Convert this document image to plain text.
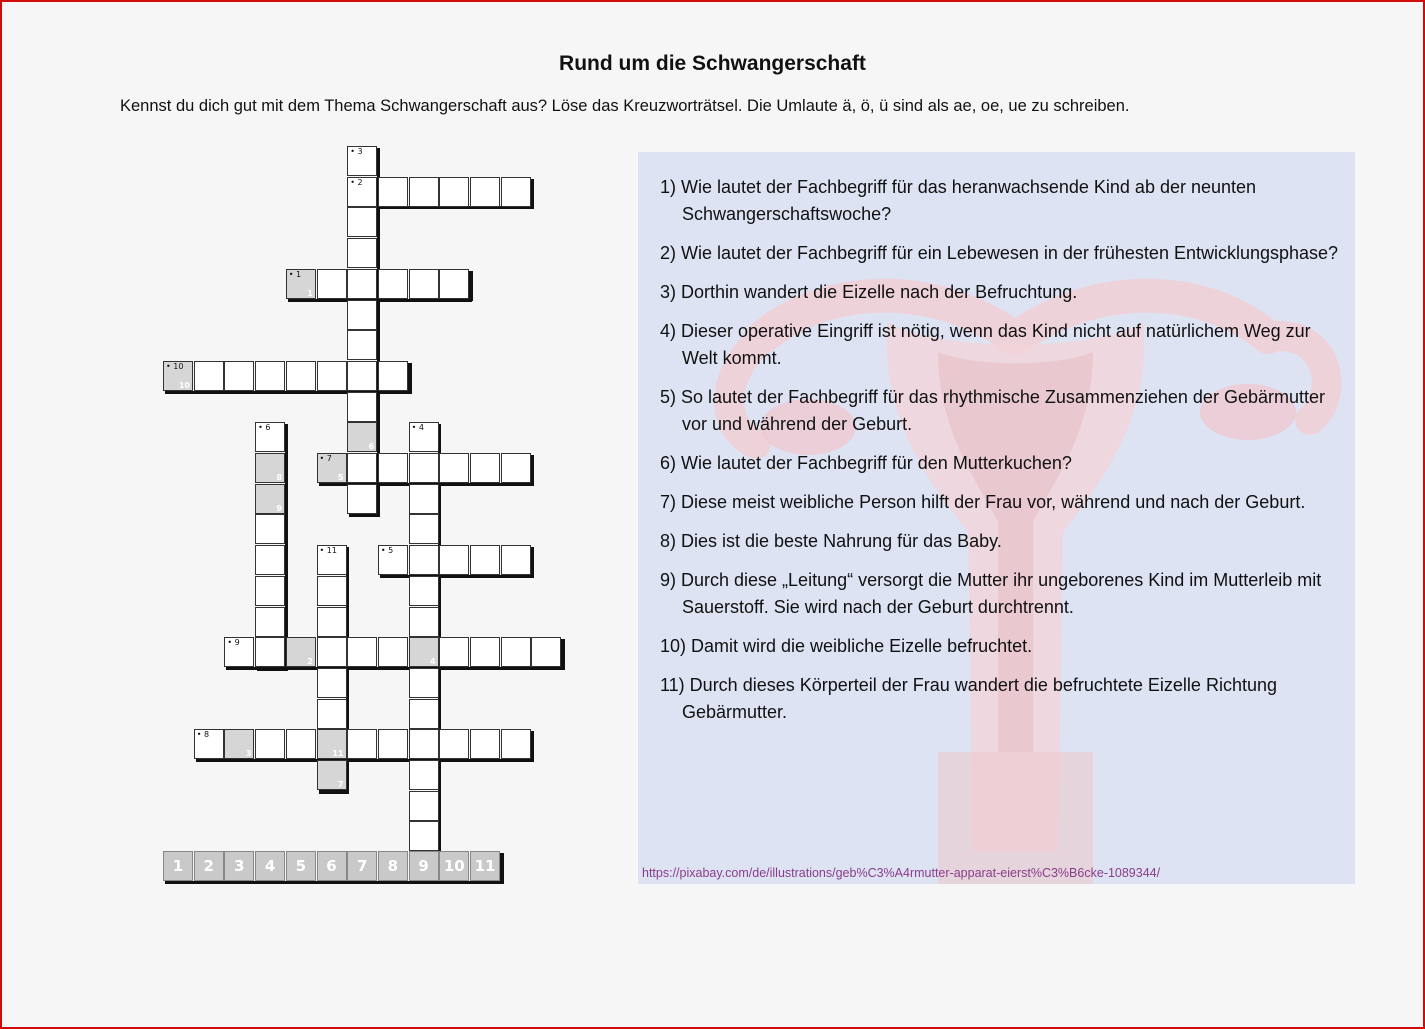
Rund um die Schwangerschaft
Kennst du dich gut mit dem Thema Schwangerschaft aus? Löse das Kreuzworträtsel. Die Umlaute ä, ö, ü sind als ae, oe, ue zu schreiben.
• 2
• 1
1
• 10
10
• 7
5
• 5
• 9
2	4
• 8
3	11
• 3
6
• 6
8
9
• 4
• 11
7
1	2	3	4	5	6	7	8	9	10 11
1) Wie lautet der Fachbegriff für das heranwachsende Kind ab der neunten Schwangerschaftswoche?
2) Wie lautet der Fachbegriff für ein Lebewesen in der frühesten Entwicklungsphase?
3) Dorthin wandert die Eizelle nach der Befruchtung.
4) Dieser operative Eingriff ist nötig, wenn das Kind nicht auf natürlichem Weg zur Welt kommt.
5) So lautet der Fachbegriff für das rhythmische Zusammenziehen der Gebärmutter vor und während der Geburt.
6) Wie lautet der Fachbegriff für den Mutterkuchen?
7) Diese meist weibliche Person hilft der Frau vor, während und nach der Geburt.
8) Dies ist die beste Nahrung für das Baby.
9) Durch diese „Leitung“ versorgt die Mutter ihr ungeborenes Kind im Mutterleib mit Sauerstoff. Sie wird nach der Geburt durchtrennt.
10) Damit wird die weibliche Eizelle befruchtet.
11) Durch dieses Körperteil der Frau wandert die befruchtete Eizelle Richtung Gebärmutter.
https://pixabay.com/de/illustrations/geb%C3%A4rmutter-apparat-eierst%C3%B6cke-1089344/
